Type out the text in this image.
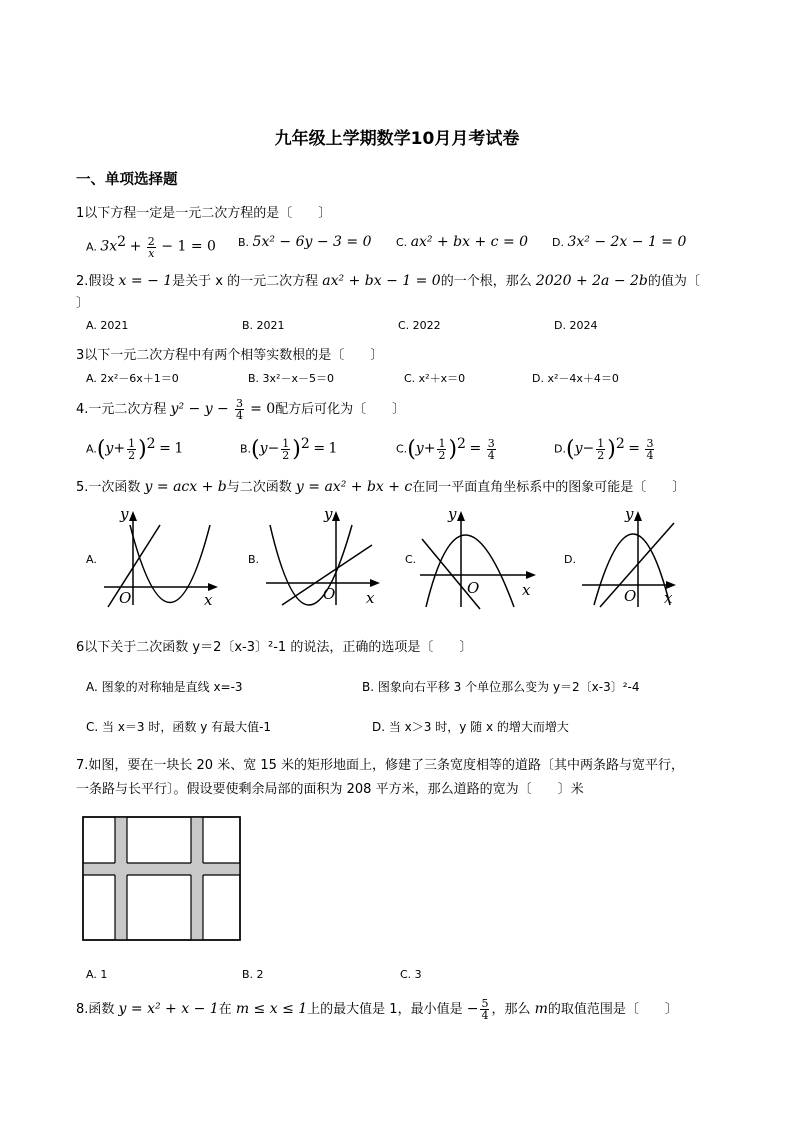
九年级上学期数学10月月考试卷
一、单项选择题
1以下方程一定是一元二次方程的是〔　　〕
A. $3x^2 + \frac{2}{x} - 1 = 0$ B. 5x² − 6y − 3 = 0 C. ax² + bx + c = 0 D. 3x² − 2x − 1 = 0
2.假设 x = − 1是关于 x 的一元二次方程 ax² + bx − 1 = 0的一个根，那么 2020 + 2a − 2b的值为〔
〕
A. 2021	B. 2021	C. 2022	D. 2024
3以下一元二次方程中有两个相等实数根的是〔　　〕
A. 2x²－6x＋1＝0	B. 3x²－x－5＝0	C. x²＋x＝0	D. x²－4x＋4＝0
4.一元二次方程 $y^2 - y - \frac{3}{4} = 0$配方后可化为〔　　〕
$A.(y+ \frac{1}{2} )^2 = 1$	$B.(y- \frac{1}{2} )^2 = 1$	$C.(y+ \frac{1}{2} )^2 = \frac{3}{4}$	$D.(y- \frac{1}{2} )^2 = \frac{3}{4}$
5.一次函数 y = acx + b与二次函数 y = ax² + bx + c在同一平面直角坐标系中的图象可能是〔　　〕
A.
y
x
O
B.
y
x
O
C.
y
x
O
D.
y
x
O
6以下关于二次函数 y＝2〔x-3〕²-1 的说法，正确的选项是〔　　〕
A. 图象的对称轴是直线 x=-3	B. 图象向右平移 3 个单位那么变为 y＝2〔x-3〕²-4
C. 当 x＝3 时，函数 y 有最大值-1	D. 当 x＞3 时，y 随 x 的增大而增大
7.如图，要在一块长 20 米、宽 15 米的矩形地面上，修建了三条宽度相等的道路〔其中两条路与宽平行，
一条路与长平行〕。假设要使剩余局部的面积为 208 平方米，那么道路的宽为〔　　〕米
A. 1	B. 2	C. 3
8.函数 y = x² + x − 1在 m ≤ x ≤ 1上的最大值是 1，最小值是 − $\frac{5}{4}$ ，那么 m的取值范围是〔　　〕
